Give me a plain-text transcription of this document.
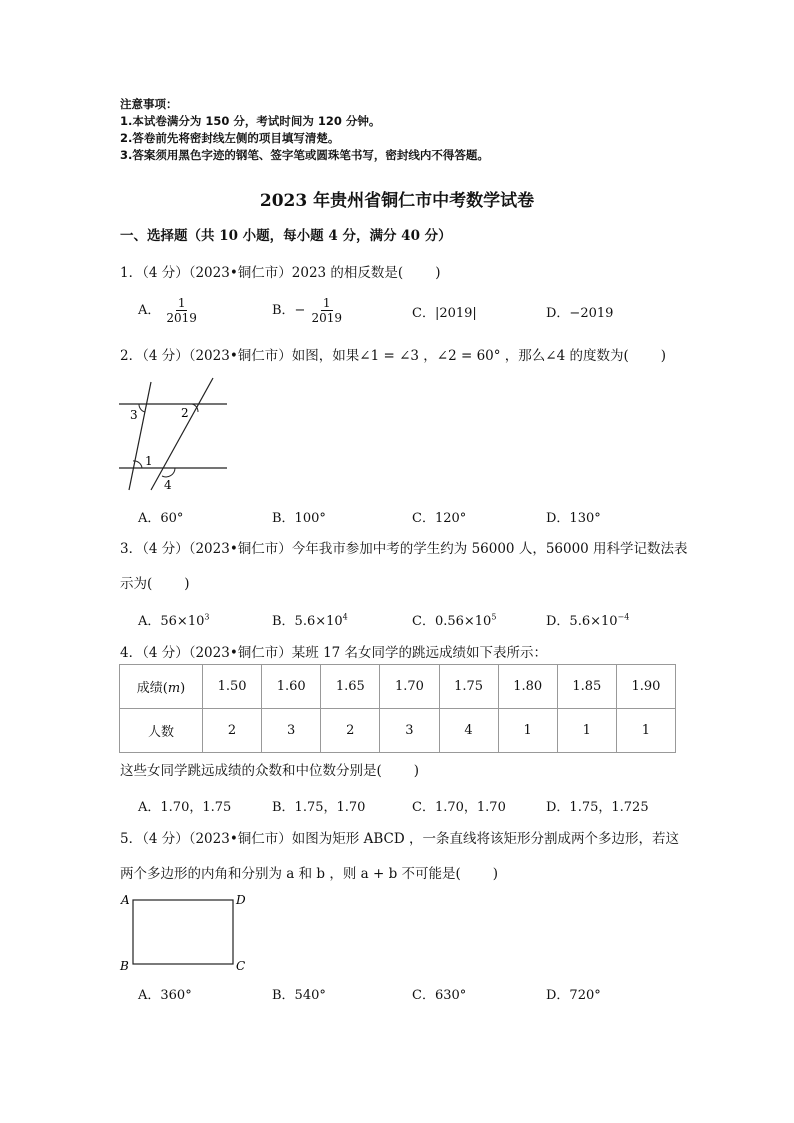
注意事项：
1.本试卷满分为 150 分，考试时间为 120 分钟。
2.答卷前先将密封线左侧的项目填写清楚。
3.答案须用黑色字迹的钢笔、签字笔或圆珠笔书写，密封线内不得答题。
2023 年贵州省铜仁市中考数学试卷
一、选择题（共 10 小题，每小题 4 分，满分 40 分）
1．（4 分）（2023•铜仁市）2023 的相反数是( )
A． $\frac{1}{2019}$	B．− $\frac{1}{2019}$	C．|2019|	D．−2019
2．（4 分）（2023•铜仁市）如图，如果∠1 = ∠3 ，∠2 = 60° ，那么∠4 的度数为( )
3	2
1
4
A．60°	B．100°	C．120°	D．130°
3．（4 分）（2023•铜仁市）今年我市参加中考的学生约为 56000 人，56000 用科学记数法表
示为( )
A．$56\times 10^3$	B．$5.6\times 10^4$	C．$0.56\times 10^5$	D．$5.6\times 10^{-4}$
4．（4 分）（2023•铜仁市）某班 17 名女同学的跳远成绩如下表所示：
成绩(m)	1.50	1.60	1.65	1.70	1.75	1.80	1.85	1.90
人数	2	3	2	3	4	1	1	1
这些女同学跳远成绩的众数和中位数分别是( )
A．1.70，1.75	B．1.75，1.70	C．1.70，1.70	D．1.75，1.725
5．（4 分）（2023•铜仁市）如图为矩形 ABCD ，一条直线将该矩形分割成两个多边形，若这
两个多边形的内角和分别为 a 和 b ，则 a + b 不可能是( )
A	D
B	C
A．360°	B．540°	C．630°	D．720°
